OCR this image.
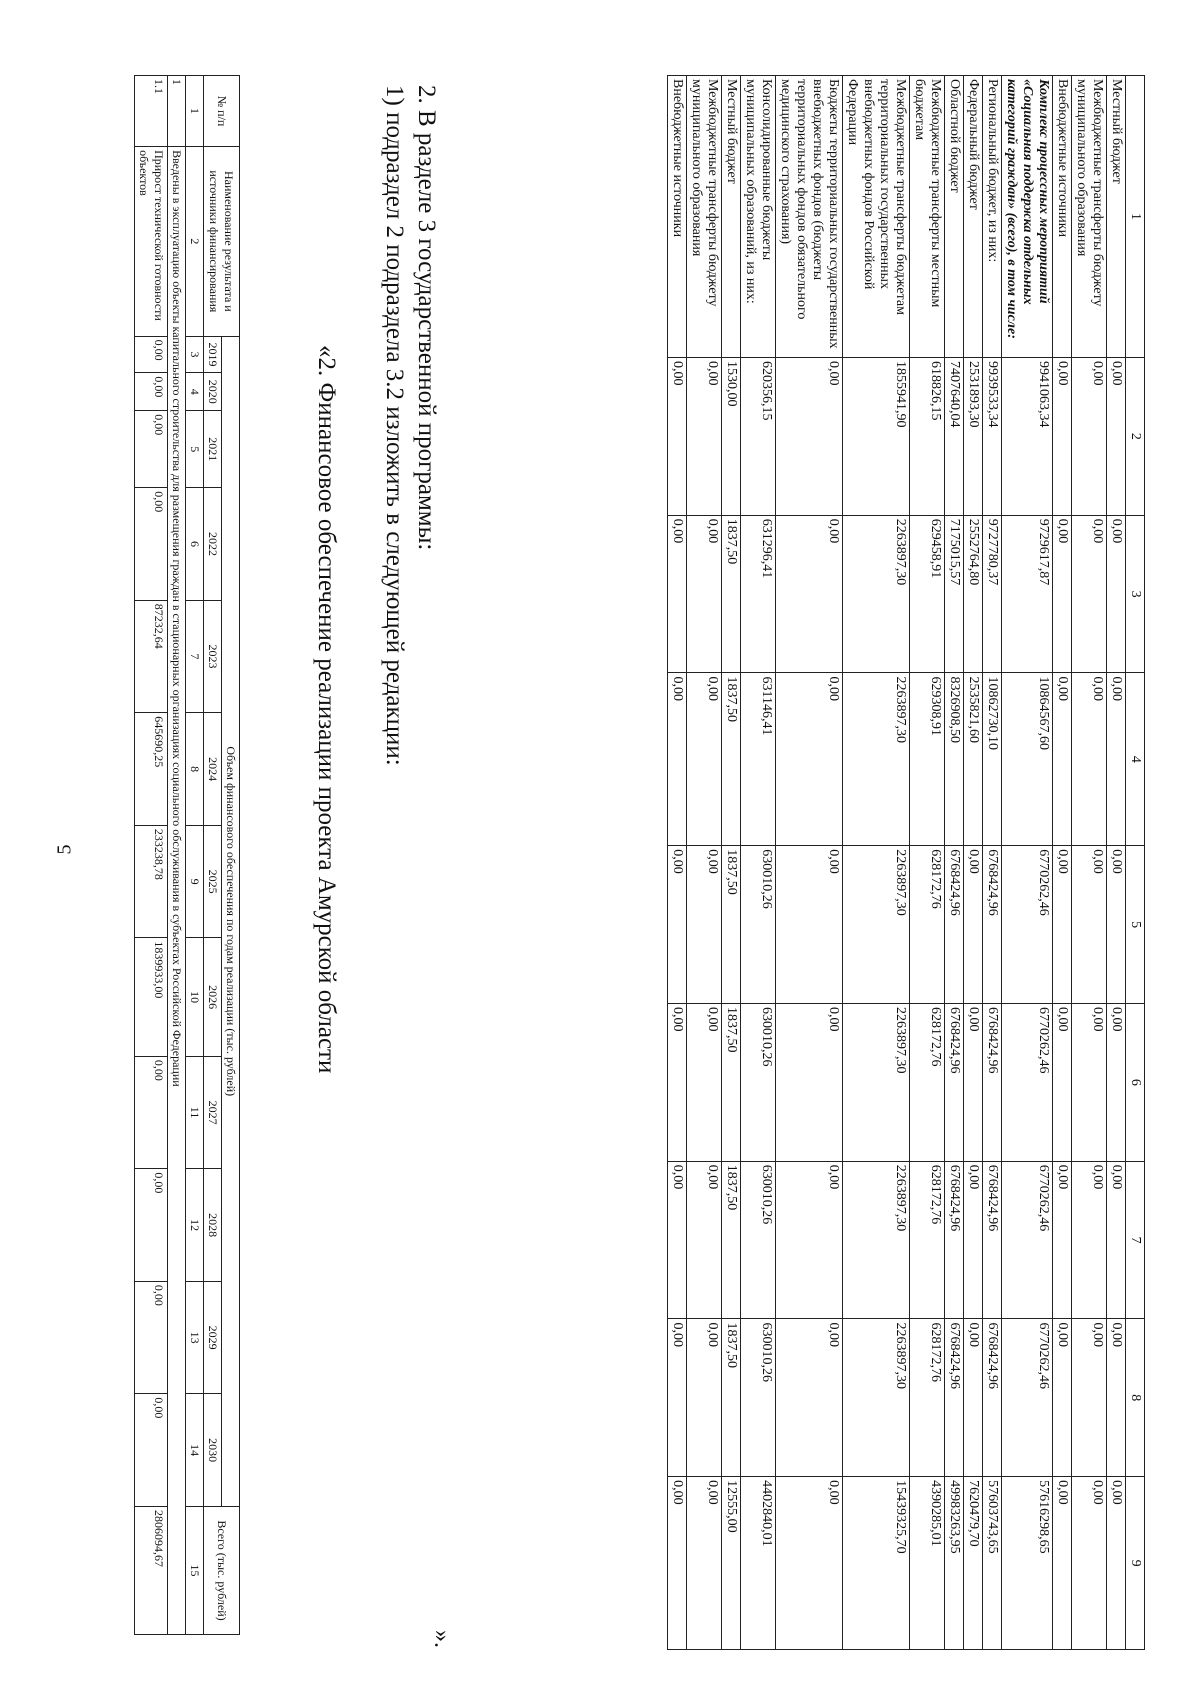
5
1	2	3	4	5	6	7	8	9
Местный бюджет	0,00	0,00	0,00	0,00	0,00	0,00	0,00	0,00
Межбюджетные трансферты бюджету муниципального образования	0,00	0,00	0,00	0,00	0,00	0,00	0,00	0,00
Внебюджетные источники	0,00	0,00	0,00	0,00	0,00	0,00	0,00	0,00
Комплекс процессных мероприятий «Социальная поддержка отдельных категорий граждан» (всего), в том числе:	9941063,34	9729617,87	10864567,60	6770262,46	6770262,46	6770262,46	6770262,46	57616298,65
Региональный бюджет, из них:	9939533,34	9727780,37	10862730,10	6768424,96	6768424,96	6768424,96	6768424,96	57603743,65
Федеральный бюджет	2531893,30	2552764,80	2535821,60	0,00	0,00	0,00	0,00	7620479,70
Областной бюджет	7407640,04	7175015,57	8326908,50	6768424,96	6768424,96	6768424,96	6768424,96	49983263,95
Межбюджетные трансферты местным бюджетам	618826,15	629458,91	629308,91	628172,76	628172,76	628172,76	628172,76	4390285,01
Межбюджетные трансферты бюджетам территориальных государственных внебюджетных фондов Российской Федерации	1855941,90	2263897,30	2263897,30	2263897,30	2263897,30	2263897,30	2263897,30	15439325,70
Бюджеты территориальных государственных внебюджетных фондов (бюджеты территориальных фондов обязательного медицинского страхования)	0,00	0,00	0,00	0,00	0,00	0,00	0,00	0,00
Консолидированные бюджеты муниципальных образований, из них:	620356,15	631296,41	631146,41	630010,26	630010,26	630010,26	630010,26	4402840,01
Местный бюджет	1530,00	1837,50	1837,50	1837,50	1837,50	1837,50	1837,50	12555,00
Межбюджетные трансферты бюджету муниципального образования	0,00	0,00	0,00	0,00	0,00	0,00	0,00	0,00
Внебюджетные источники	0,00	0,00	0,00	0,00	0,00	0,00	0,00	0,00
».
2. В разделе 3 государственной программы:
1) подраздел 2 подраздела 3.2 изложить в следующей редакции:
«2. Финансовое обеспечение реализации проекта Амурской области
№ п/п	Наименование результата и источники финансирования	Объем финансового обеспечения по годам реализации (тыс. рублей)												Всего (тыс. рублей)
		2019	2020	2021	2022	2023	2024	2025	2026	2027	2028	2029	2030	
1	2	3	4	5	6	7	8	9	10	11	12	13	14	15
1	Введены в эксплуатацию объекты капитального строительства для размещения граждан в стационарных организациях социального обслуживания в субъектах Российской Федерации													
1.1	Прирост технической готовности объектов	0,00	0,00	0,00	0,00	87232,64	645690,25	233238,78	1839933,00	0,00	0,00	0,00	0,00	2806094,67
